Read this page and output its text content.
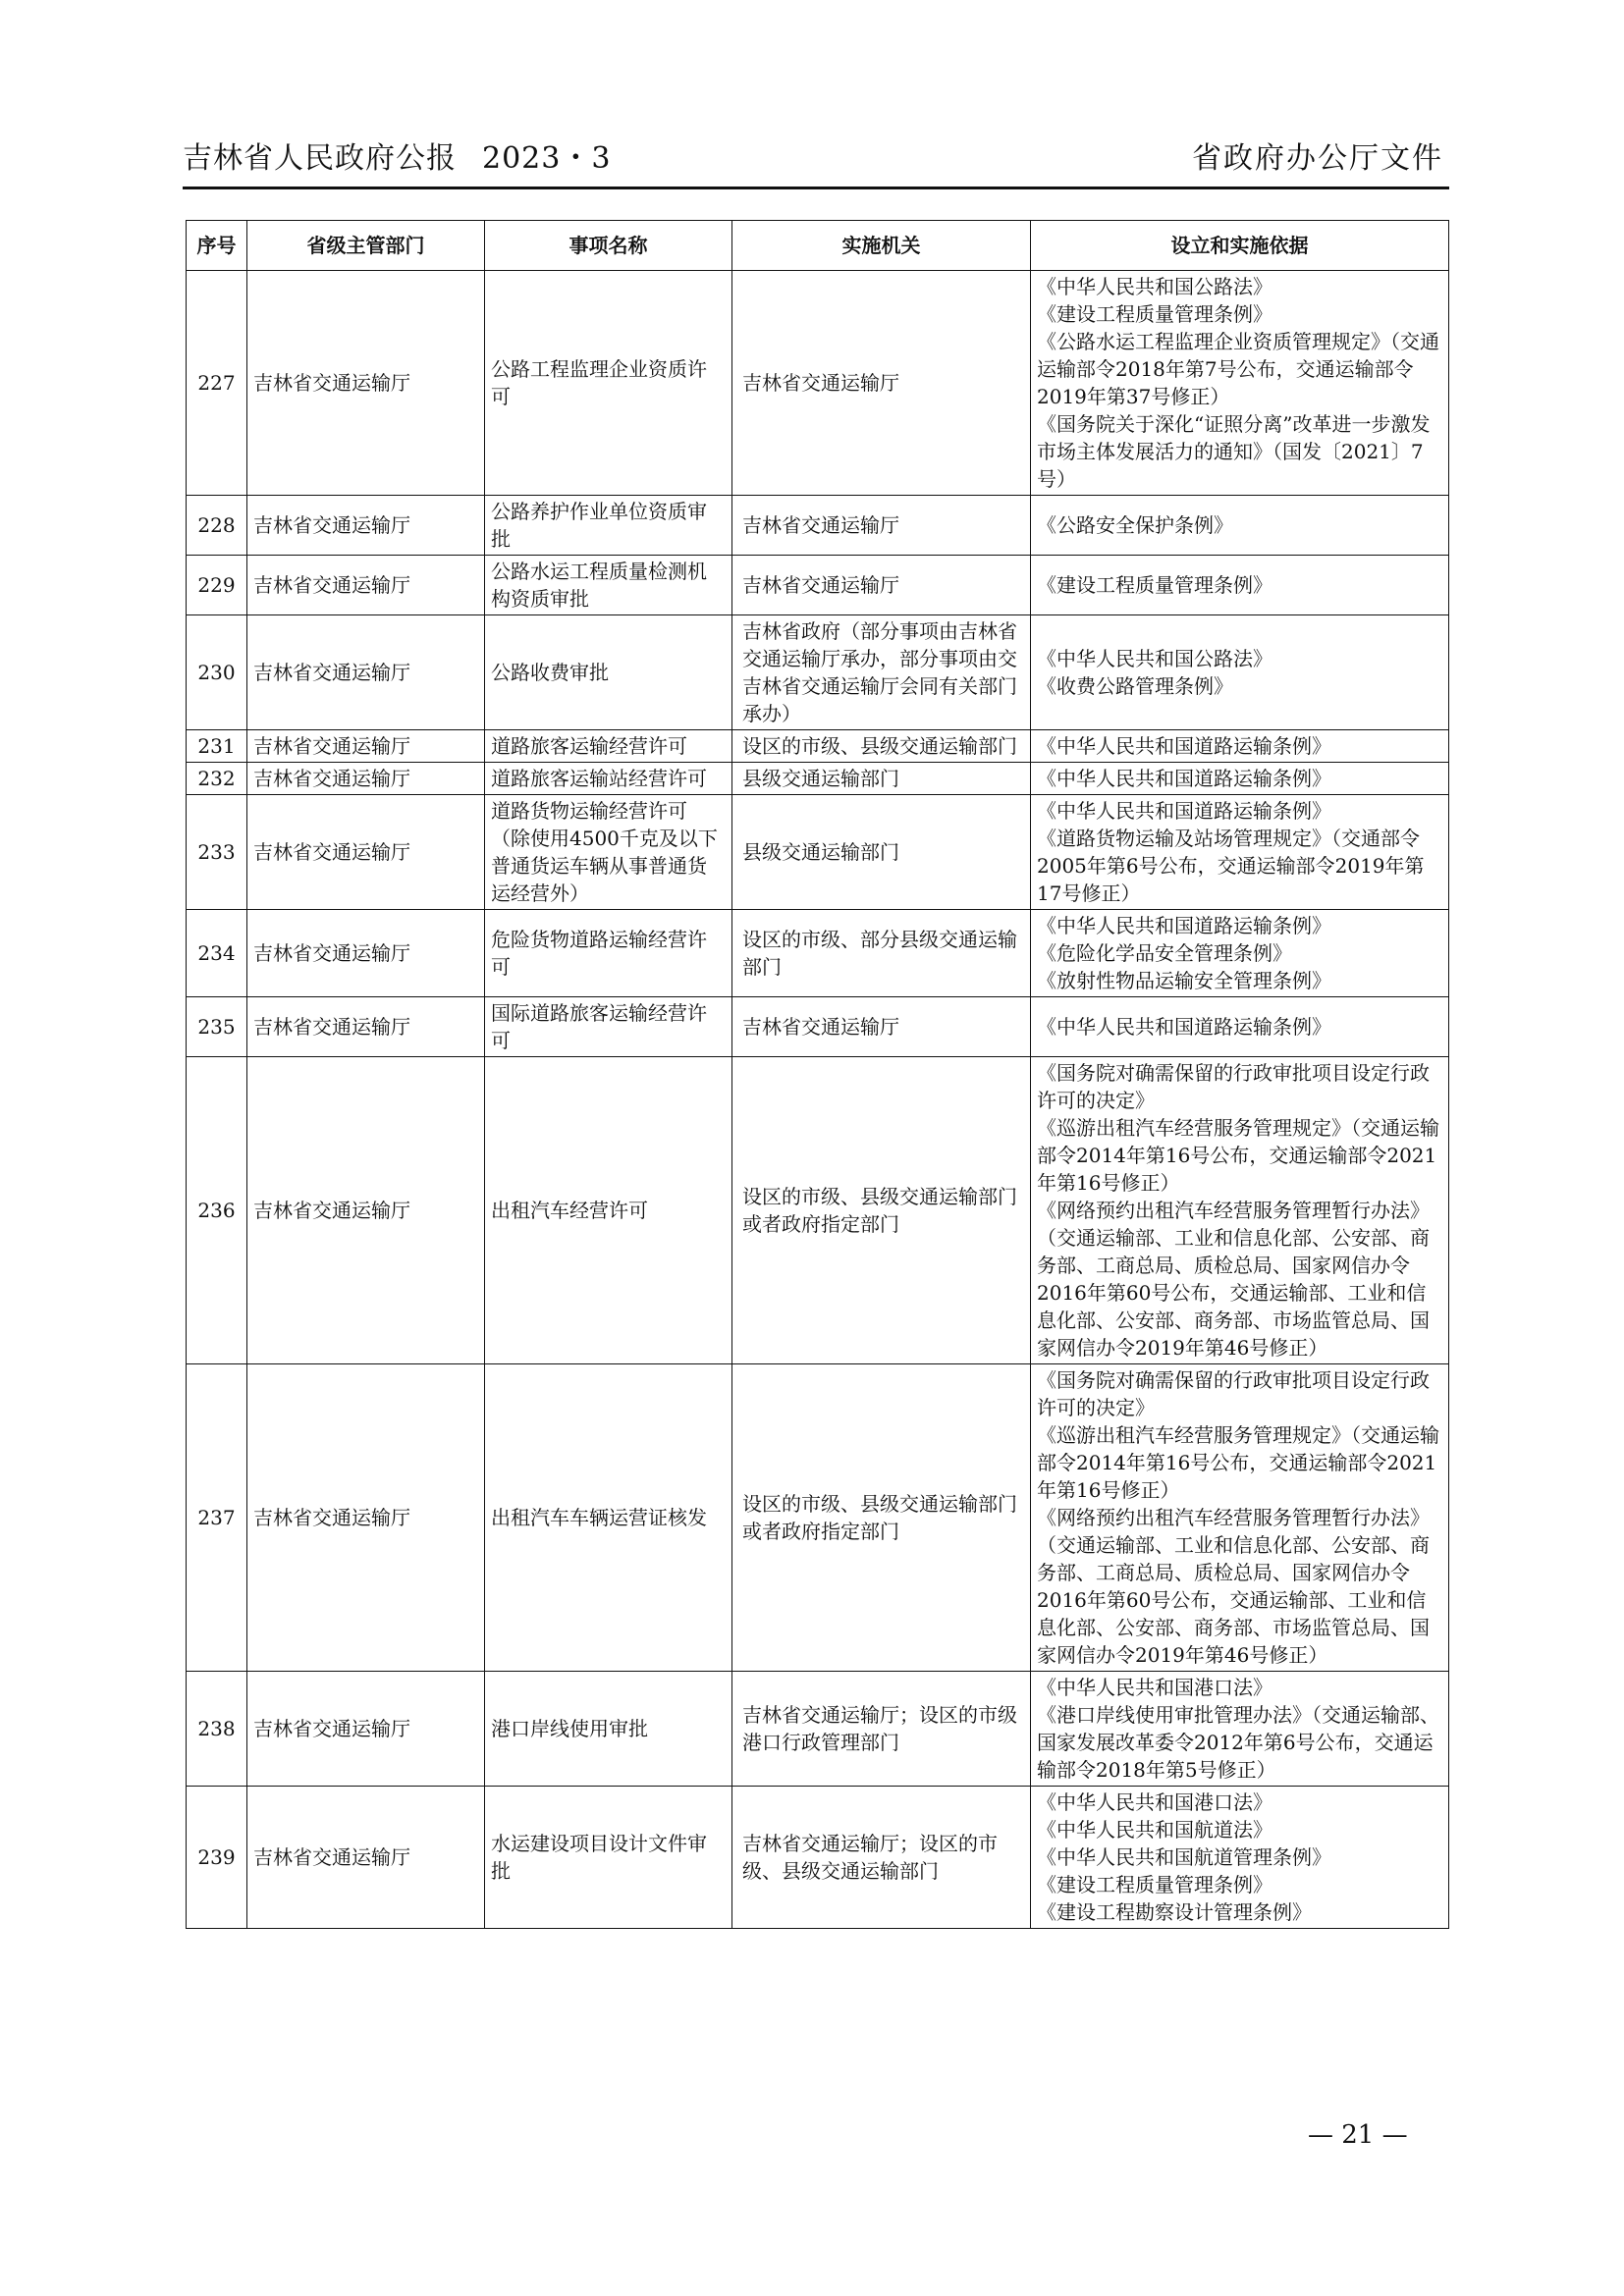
吉林省人民政府公报 2023・3	省政府办公厅文件
序号	省级主管部门	事项名称	实施机关	设立和实施依据
227	吉林省交通运输厅	公路工程监理企业资质许可	吉林省交通运输厅	《中华人民共和国公路法》
《建设工程质量管理条例》
《公路水运工程监理企业资质管理规定》（交通运输部令2018年第7号公布，交通运输部令2019年第37号修正）
《国务院关于深化“证照分离”改革进一步激发市场主体发展活力的通知》（国发〔2021〕7号）

228	吉林省交通运输厅	公路养护作业单位资质审批	吉林省交通运输厅	《公路安全保护条例》

229	吉林省交通运输厅	公路水运工程质量检测机构资质审批	吉林省交通运输厅	《建设工程质量管理条例》

230	吉林省交通运输厅	公路收费审批	吉林省政府（部分事项由吉林省交通运输厅承办，部分事项由交吉林省交通运输厅会同有关部门承办）	《中华人民共和国公路法》
《收费公路管理条例》

231	吉林省交通运输厅	道路旅客运输经营许可	设区的市级、县级交通运输部门	《中华人民共和国道路运输条例》

232	吉林省交通运输厅	道路旅客运输站经营许可	县级交通运输部门	《中华人民共和国道路运输条例》

233	吉林省交通运输厅	道路货物运输经营许可（除使用4500千克及以下普通货运车辆从事普通货运经营外）	县级交通运输部门	《中华人民共和国道路运输条例》
《道路货物运输及站场管理规定》（交通部令2005年第6号公布，交通运输部令2019年第17号修正）

234	吉林省交通运输厅	危险货物道路运输经营许可	设区的市级、部分县级交通运输部门	《中华人民共和国道路运输条例》
《危险化学品安全管理条例》
《放射性物品运输安全管理条例》

235	吉林省交通运输厅	国际道路旅客运输经营许可	吉林省交通运输厅	《中华人民共和国道路运输条例》

236	吉林省交通运输厅	出租汽车经营许可	设区的市级、县级交通运输部门或者政府指定部门	《国务院对确需保留的行政审批项目设定行政许可的决定》
《巡游出租汽车经营服务管理规定》（交通运输部令2014年第16号公布，交通运输部令2021年第16号修正）
《网络预约出租汽车经营服务管理暂行办法》（交通运输部、工业和信息化部、公安部、商务部、工商总局、质检总局、国家网信办令2016年第60号公布，交通运输部、工业和信息化部、公安部、商务部、市场监管总局、国家网信办令2019年第46号修正）

237	吉林省交通运输厅	出租汽车车辆运营证核发	设区的市级、县级交通运输部门或者政府指定部门	《国务院对确需保留的行政审批项目设定行政许可的决定》
《巡游出租汽车经营服务管理规定》（交通运输部令2014年第16号公布，交通运输部令2021年第16号修正）
《网络预约出租汽车经营服务管理暂行办法》（交通运输部、工业和信息化部、公安部、商务部、工商总局、质检总局、国家网信办令2016年第60号公布，交通运输部、工业和信息化部、公安部、商务部、市场监管总局、国家网信办令2019年第46号修正）

238	吉林省交通运输厅	港口岸线使用审批	吉林省交通运输厅；设区的市级港口行政管理部门	《中华人民共和国港口法》
《港口岸线使用审批管理办法》（交通运输部、国家发展改革委令2012年第6号公布，交通运输部令2018年第5号修正）

239	吉林省交通运输厅	水运建设项目设计文件审批	吉林省交通运输厅；设区的市级、县级交通运输部门	《中华人民共和国港口法》
《中华人民共和国航道法》
《中华人民共和国航道管理条例》
《建设工程质量管理条例》
《建设工程勘察设计管理条例》
— 21 —
